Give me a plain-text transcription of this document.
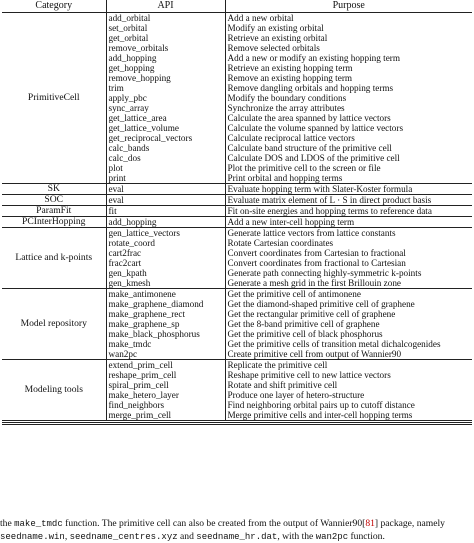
Category	API	Purpose
PrimitiveCell	add_orbital	Add a new orbital
	set_orbital	Modify an existing orbital
	get_orbital	Retrieve an existing orbital
	remove_orbitals	Remove selected orbitals
	add_hopping	Add a new or modify an existing hopping term
	get_hopping	Retrieve an existing hopping term
	remove_hopping	Remove an existing hopping term
	trim	Remove dangling orbitals and hopping terms
	apply_pbc	Modify the boundary conditions
	sync_array	Synchronize the array attributes
	get_lattice_area	Calculate the area spanned by lattice vectors
	get_lattice_volume	Calculate the volume spanned by lattice vectors
	get_reciprocal_vectors	Calculate reciprocal lattice vectors
	calc_bands	Calculate band structure of the primitive cell
	calc_dos	Calculate DOS and LDOS of the primitive cell
	plot	Plot the primitive cell to the screen or file
	print	Print orbital and hopping terms
SK	eval	Evaluate hopping term with Slater-Koster formula
SOC	eval	Evaluate matrix element of L · S in direct product basis
ParamFit	fit	Fit on-site energies and hopping terms to reference data
PCInterHopping	add_hopping	Add a new inter-cell hopping term
Lattice and k-points	gen_lattice_vectors	Generate lattice vectors from lattice constants
	rotate_coord	Rotate Cartesian coordinates
	cart2frac	Convert coordinates from Cartesian to fractional
	frac2cart	Convert coordinates from fractional to Cartesian
	gen_kpath	Generate path connecting highly-symmetric k-points
	gen_kmesh	Generate a mesh grid in the first Brillouin zone
Model repository	make_antimonene	Get the primitive cell of antimonene
	make_graphene_diamond	Get the diamond-shaped primitive cell of graphene
	make_graphene_rect	Get the rectangular primitive cell of graphene
	make_graphene_sp	Get the 8-band primitive cell of graphene
	make_black_phosphorus	Get the primitive cell of black phosphorus
	make_tmdc	Get the primitive cells of transition metal dichalcogenides
	wan2pc	Create primitive cell from output of Wannier90
Modeling tools	extend_prim_cell	Replicate the primitive cell
	reshape_prim_cell	Reshape primitive cell to new lattice vectors
	spiral_prim_cell	Rotate and shift primitive cell
	make_hetero_layer	Produce one layer of hetero-structure
	find_neighbors	Find neighboring orbital pairs up to cutoff distance
	merge_prim_cell	Merge primitive cells and inter-cell hopping terms
the make_tmdc function. The primitive cell can also be created from the output of Wannier90[81] package, namely
seedname.win, seedname_centres.xyz and seedname_hr.dat, with the wan2pc function.
